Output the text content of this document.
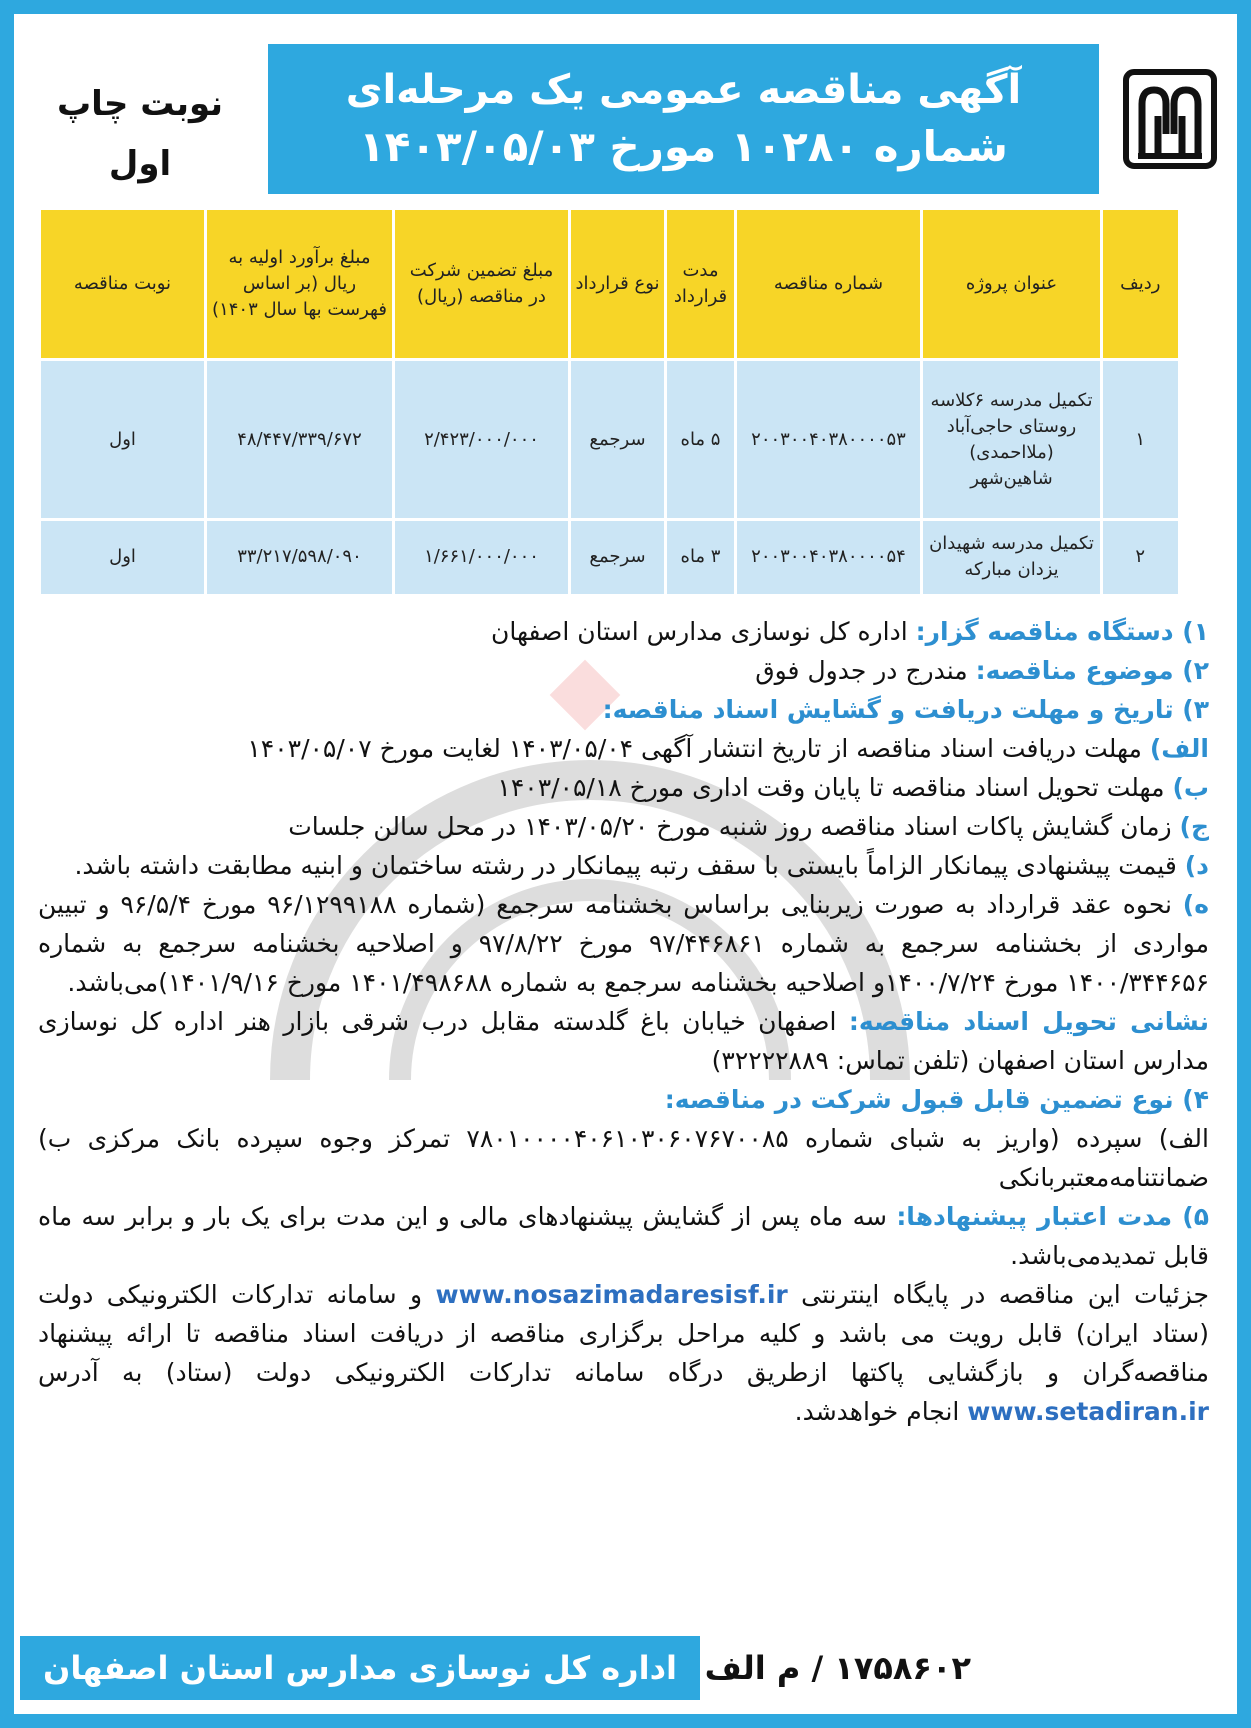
آگهی مناقصه عمومی یک مرحله‌ای
شماره ۱۰۲۸۰ مورخ ۱۴۰۳/۰۵/۰۳
نوبت چاپ اول
ردیف	عنوان پروژه	شماره مناقصه	مدت قرارداد	نوع قرارداد	مبلغ تضمین شرکت در مناقصه (ریال)	مبلغ برآورد اولیه به ریال (بر اساس فهرست بها سال ۱۴۰۳)	نوبت مناقصه
۱	تکمیل مدرسه ۶کلاسه روستای حاجی‌آباد (ملااحمدی) شاهین‌شهر	۲۰۰۳۰۰۴۰۳۸۰۰۰۰۵۳	۵ ماه	سرجمع	۲/۴۲۳/۰۰۰/۰۰۰	۴۸/۴۴۷/۳۳۹/۶۷۲	اول
۲	تکمیل مدرسه شهیدان یزدان مبارکه	۲۰۰۳۰۰۴۰۳۸۰۰۰۰۵۴	۳ ماه	سرجمع	۱/۶۶۱/۰۰۰/۰۰۰	۳۳/۲۱۷/۵۹۸/۰۹۰	اول

۱) دستگاه مناقصه گزار: اداره کل نوسازی مدارس استان اصفهان

۲) موضوع مناقصه: مندرج در جدول فوق

۳) تاریخ و مهلت دریافت و گشایش اسناد مناقصه:

الف) مهلت دریافت اسناد مناقصه از تاریخ انتشار آگهی ۱۴۰۳/۰۵/۰۴ لغایت مورخ ۱۴۰۳/۰۵/۰۷

ب) مهلت تحویل اسناد مناقصه تا پایان وقت اداری مورخ ۱۴۰۳/۰۵/۱۸

ج) زمان گشایش پاکات اسناد مناقصه روز شنبه مورخ ۱۴۰۳/۰۵/۲۰ در محل سالن جلسات

د) قیمت پیشنهادی پیمانکار الزاماً بایستی با سقف رتبه پیمانکار در رشته ساختمان و ابنیه مطابقت داشته باشد.

ه) نحوه عقد قرارداد به صورت زیربنایی براساس بخشنامه سرجمع (شماره ۹۶/۱۲۹۹۱۸۸ مورخ ۹۶/۵/۴ و تبیین مواردی از بخشنامه سرجمع به شماره ۹۷/۴۴۶۸۶۱ مورخ ۹۷/۸/۲۲ و اصلاحیه بخشنامه سرجمع به شماره ۱۴۰۰/۳۴۴۶۵۶ مورخ ۱۴۰۰/۷/۲۴و اصلاحیه بخشنامه سرجمع به شماره ۱۴۰۱/۴۹۸۶۸۸ مورخ ۱۴۰۱/۹/۱۶)می‌باشد.

نشانی تحویل اسناد مناقصه: اصفهان خیابان باغ گلدسته مقابل درب شرقی بازار هنر اداره کل نوسازی مدارس استان اصفهان (تلفن تماس: ۳۲۲۲۲۸۸۹)

۴) نوع تضمین قابل قبول شرکت در مناقصه:

الف) سپرده (واریز به شبای شماره ۷۸۰۱۰۰۰۰۴۰۶۱۰۳۰۶۰۷۶۷۰۰۸۵ تمرکز وجوه سپرده بانک مرکزی ب) ضمانتنامه‌معتبربانکی

۵) مدت اعتبار پیشنهادها: سه ماه پس از گشایش پیشنهادهای مالی و این مدت برای یک بار و برابر سه ماه قابل تمدیدمی‌باشد.

جزئیات این مناقصه در پایگاه اینترنتی www.nosazimadaresisf.ir و سامانه تدارکات الکترونیکی دولت (ستاد ایران) قابل رویت می باشد و کلیه مراحل برگزاری مناقصه از دریافت اسناد مناقصه تا ارائه پیشنهاد مناقصه‌گران و بازگشایی پاکتها ازطریق درگاه سامانه تدارکات الکترونیکی دولت (ستاد) به آدرس www.setadiran.ir انجام خواهدشد.

۱۷۵۸۶۰۲ / م الف
اداره کل نوسازی مدارس استان اصفهان
